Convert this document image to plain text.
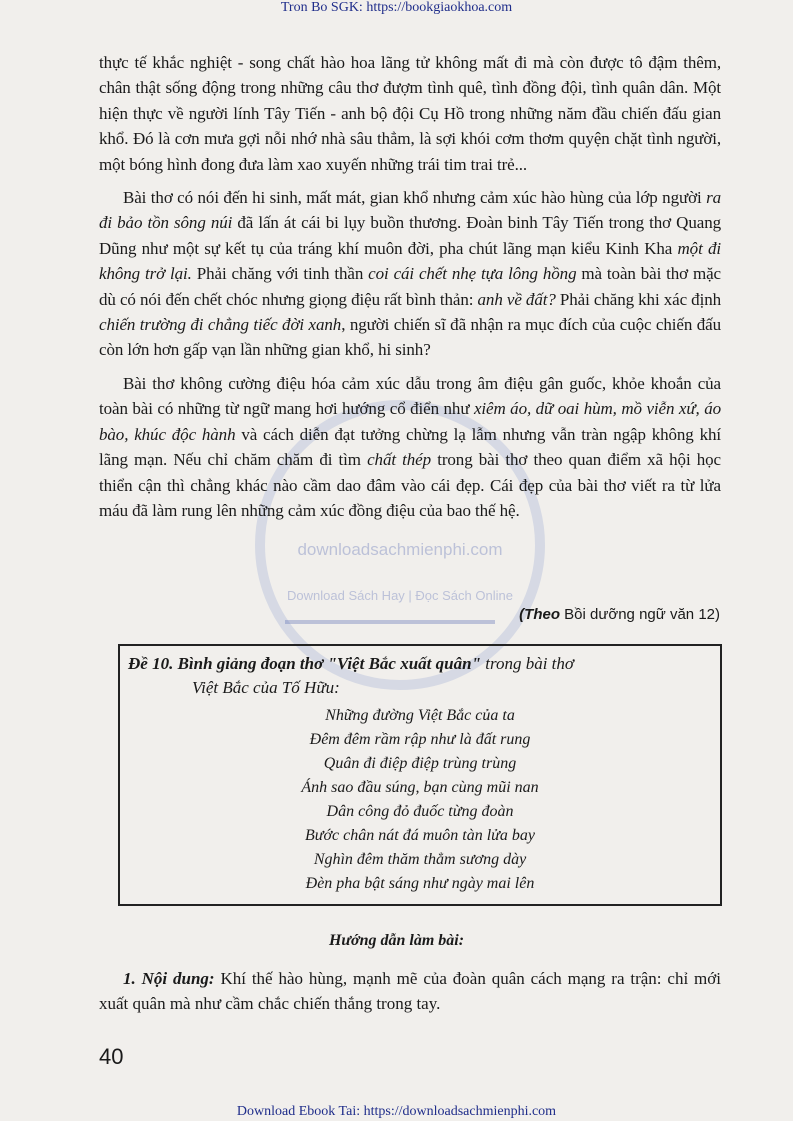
Tron Bo SGK: https://bookgiaokhoa.com
downloadsachmienphi.com
Download Sách Hay | Đọc Sách Online

thực tế khắc nghiệt - song chất hào hoa lãng tử không mất đi mà còn được tô đậm thêm, chân thật sống động trong những câu thơ đượm tình quê, tình đồng đội, tình quân dân. Một hiện thực về người lính Tây Tiến - anh bộ đội Cụ Hồ trong những năm đầu chiến đấu gian khổ. Đó là cơn mưa gợi nỗi nhớ nhà sâu thẳm, là sợi khói cơm thơm quyện chặt tình người, một bóng hình đong đưa làm xao xuyến những trái tim trai trẻ...

Bài thơ có nói đến hi sinh, mất mát, gian khổ nhưng cảm xúc hào hùng của lớp người ra đi bảo tồn sông núi đã lấn át cái bi lụy buồn thương. Đoàn binh Tây Tiến trong thơ Quang Dũng như một sự kết tụ của tráng khí muôn đời, pha chút lãng mạn kiểu Kinh Kha một đi không trở lại. Phải chăng với tinh thần coi cái chết nhẹ tựa lông hồng mà toàn bài thơ mặc dù có nói đến chết chóc nhưng giọng điệu rất bình thản: anh về đất? Phải chăng khi xác định chiến trường đi chẳng tiếc đời xanh, người chiến sĩ đã nhận ra mục đích của cuộc chiến đấu còn lớn hơn gấp vạn lần những gian khổ, hi sinh?

Bài thơ không cường điệu hóa cảm xúc dẫu trong âm điệu gân guốc, khỏe khoắn của toàn bài có những từ ngữ mang hơi hướng cổ điển như xiêm áo, dữ oai hùm, mồ viễn xứ, áo bào, khúc độc hành và cách diễn đạt tưởng chừng lạ lẫm nhưng vẫn tràn ngập không khí lãng mạn. Nếu chỉ chăm chăm đi tìm chất thép trong bài thơ theo quan điểm xã hội học thiển cận thì chẳng khác nào cầm dao đâm vào cái đẹp. Cái đẹp của bài thơ viết ra từ lửa máu đã làm rung lên những cảm xúc đồng điệu của bao thế hệ.

(Theo Bồi dưỡng ngữ văn 12)

Đề 10. Bình giảng đoạn thơ "Việt Bắc xuất quân" trong bài thơ

Việt Bắc của Tố Hữu:

Những đường Việt Bắc của ta

Đêm đêm rầm rập như là đất rung

Quân đi điệp điệp trùng trùng

Ánh sao đầu súng, bạn cùng mũi nan

Dân công đỏ đuốc từng đoàn

Bước chân nát đá muôn tàn lửa bay

Nghìn đêm thăm thẳm sương dày

Đèn pha bật sáng như ngày mai lên

Hướng dẫn làm bài:

1. Nội dung: Khí thế hào hùng, mạnh mẽ của đoàn quân cách mạng ra trận: chỉ mới xuất quân mà như cầm chắc chiến thắng trong tay.

40
Download Ebook Tai: https://downloadsachmienphi.com
